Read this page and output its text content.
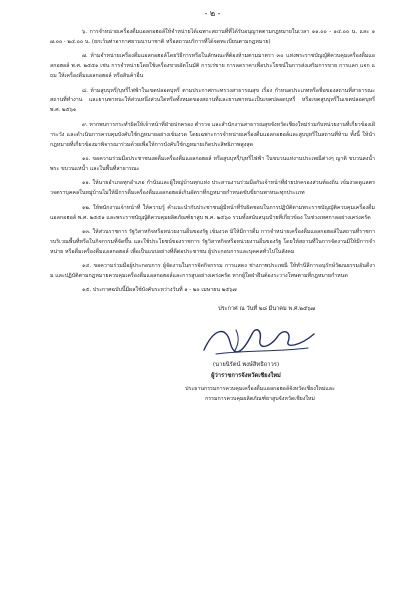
- ๒ -

๖. การจำหน่ายเครื่องดื่มแอลกอฮอล์ให้จำหน่ายได้เฉพาะสถานที่ที่ได้รับอนุญาตตามกฎหมายในเวลา ๑๑.๐๐ - ๑๔.๐๐ น. และ ๑๗.๐๐ - ๒๔.๐๐ น. (ยกเว้นท่าอากาศยานนานาชาติ หรือสถานบริการที่ได้จดทะเบียนตามกฎหมาย)

๗. ห้ามจำหน่ายเครื่องดื่มแอลกอฮอล์โดยวิธีการหรือในลักษณะที่ต้องห้ามตามมาตรา ๓๐ แห่งพระราชบัญญัติควบคุมเครื่องดื่มแอลกอฮอล์ พ.ศ. ๒๕๕๑ เช่น การจำหน่ายโดยใช้เครื่องขายอัตโนมัติ การเร่ขาย การลดราคาเพื่อประโยชน์ในการส่งเสริมการขาย การแลก แจก แถม ให้เครื่องดื่มแอลกอฮอล์ หรือสินค้าอื่น

๘. ห้ามสูบบุหรี่/บุหรี่ไฟฟ้าในเขตปลอดบุหรี่ ตามประกาศกระทรวงสาธารณสุข เรื่อง กำหนดประเภทหรือชื่อของสถานที่สาธารณะ สถานที่ทำงาน และยานพาหนะให้ส่วนหนึ่งส่วนใดหรือทั้งหมดของสถานที่และยานพาหนะเป็นเขตปลอดบุหรี่ หรือเขตสูบบุหรี่ในเขตปลอดบุหรี่ พ.ศ. ๒๕๖๑

๙. หากพบการกระทำผิดให้เจ้าหน้าที่ฝ่ายปกครอง ตำรวจ และสำนักงานสาธารณสุขจังหวัดเชียงใหม่ร่วมกับหน่วยงานที่เกี่ยวข้องเฝ้าระวัง และดำเนินการควบคุมบังคับใช้กฎหมายอย่างเข้มงวด โดยเฉพาะการจำหน่ายเครื่องดื่มแอลกอฮอล์และสูบบุหรี่ในสถานที่ห้าม ทั้งนี้ ให้นำกฎหมายที่เกี่ยวข้องมาพิจารณาร่วมด้วยเพื่อให้การบังคับใช้กฎหมายเกิดประสิทธิภาพสูงสุด

๑๐. ขอความร่วมมือประชาชนงดดื่มเครื่องดื่มแอลกอฮอล์ หรือสูบบุหรี่/บุหรี่ไฟฟ้า ในขบวนแห่งานประเพณีต่างๆ ญาติ ขบวนสงน้ำพระ ขบวนแห่น้ำ และในพื้นที่สาธารณะ

๑๑. ให้นายอำเภอทุกอำเภอ กำนันและผู้ใหญ่บ้านทุกแห่ง ประสานงานร่วมมือกับเจ้าหน้าที่ฝ่ายปกครองส่วนท้องถิ่น เข้มงวดดูแลตรวจตราบุคคลในหมู่บ้านไม่ให้มีการดื่มเครื่องดื่มแอลกอฮอล์เกินอัตราที่กฎหมายกำหนดขับขี่ยานพาหนะทุกประเภท

๑๒. ให้พนักงานเจ้าหน้าที่ ให้ความรู้ คำแนะนำกับประชาชนผู้มีหน้าที่รับผิดชอบในการปฏิบัติตามพระราชบัญญัติควบคุมเครื่องดื่มแอลกอฮอล์ พ.ศ. ๒๕๕๑ และพระราชบัญญัติควบคุมผลิตภัณฑ์ยาสูบ พ.ศ. ๒๕๖๐ รวมทั้งสนับสนุนป้ายที่เกี่ยวข้อง ในช่วงเทศกาลอย่างเคร่งครัด

๑๓. ให้ส่วนราชการ รัฐวิสาหกิจหรือหน่วยงานอื่นของรัฐ เข้มงวด มิให้มีการดื่ม การจำหน่ายเครื่องดื่มแอลกอฮอล์ในสถานที่ราชการบริเวณพื้นที่หรือในกิจกรรมที่จัดขึ้น และใช้ประโยชน์ของราชการ รัฐวิสาหกิจหรือหน่วยงานอื่นของรัฐ โดยให้สถานที่ในการจัดงานมีให้มีการจำหน่าย หรือดื่มเครื่องดื่มแอลกอฮอล์ เพื่อเป็นแบบอย่างที่ดีต่อประชาชน ผู้ประกอบการและบุคคลทั่วไปในสังคม

๑๔. ขอความร่วมมือผู้ประกอบการ ผู้จัดงานในการจัดกิจกรรม การแสดง ช่างภาพประเพณี ให้ทำนีลีการอนุรักษ์วัฒนธรรมอันดีงาม และปฏิบัติตามกฎหมายควบคุมเครื่องดื่มแอลกอฮอล์และการสูบอย่างเคร่งครัด หากผู้ใดฝ่าฝืนต้องระวางโทษตามที่กฎหมายกำหนด

๑๕. ประกาศฉบับนี้มีผลใช้บังคับระหว่างวันที่ ๑ - ๒๐ เมษายน ๒๕๖๗

ประกาศ ณ วันที่ ๒๘ มีนาคม พ.ศ.๒๕๖๗
(นายนิรัตน์ พงษ์สิทธิถาวร)
ผู้ว่าราชการจังหวัดเชียงใหม่
ประธานกรรมการควบคุมเครื่องดื่มแอลกอฮอล์จังหวัดเชียงใหม่และ
กรรมการควบคุมผลิตภัณฑ์ยาสูบจังหวัดเชียงใหม่
